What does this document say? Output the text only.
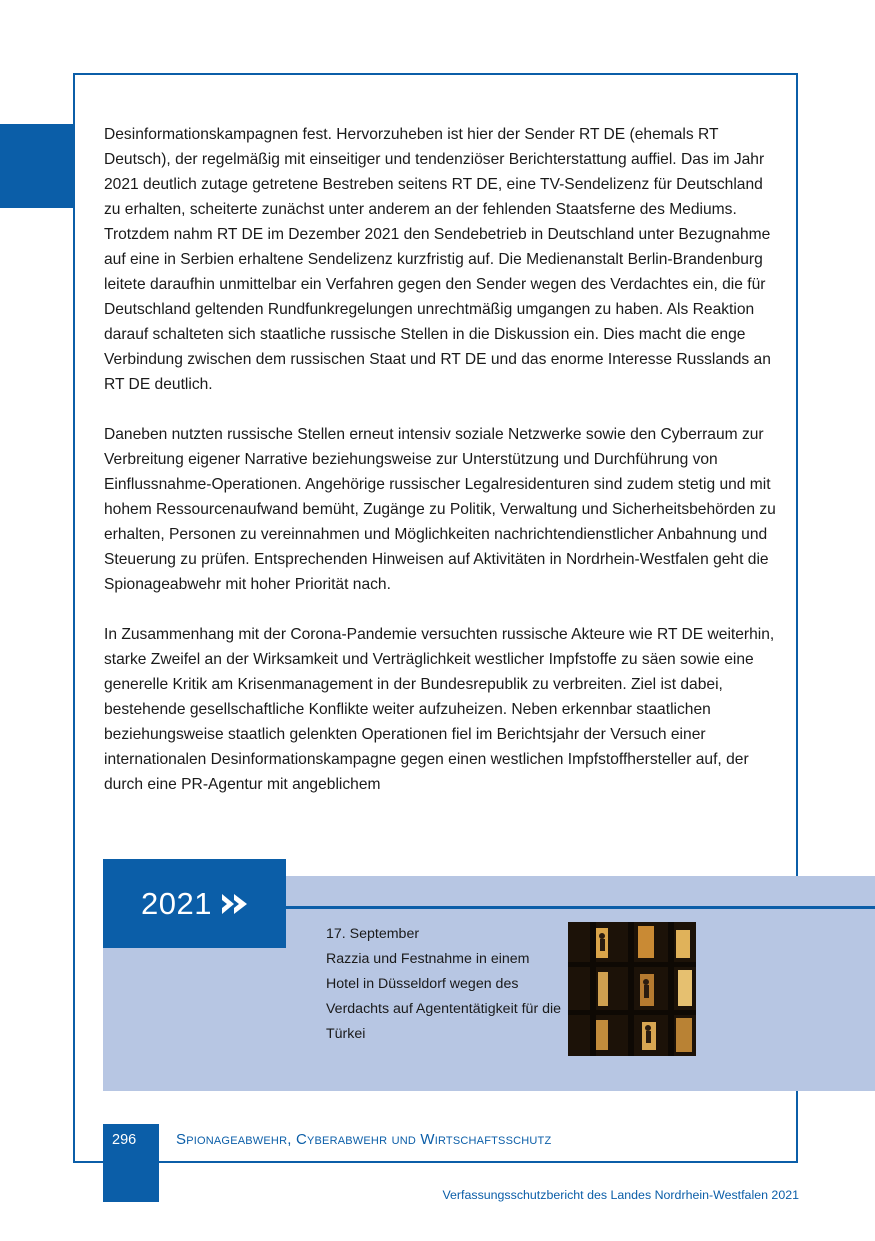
Desinformationskampagnen fest. Hervorzuheben ist hier der Sender RT DE (ehemals RT Deutsch), der regelmäßig mit einseitiger und tendenziöser Berichterstattung auffiel. Das im Jahr 2021 deutlich zutage getretene Bestreben seitens RT DE, eine TV-Sendelizenz für Deutschland zu erhalten, scheiterte zunächst unter anderem an der fehlenden Staatsferne des Mediums. Trotzdem nahm RT DE im Dezember 2021 den Sendebetrieb in Deutschland unter Bezugnahme auf eine in Serbien erhaltene Sendelizenz kurzfristig auf. Die Medienanstalt Berlin-Brandenburg leitete daraufhin unmittelbar ein Verfahren gegen den Sender wegen des Verdachtes ein, die für Deutschland geltenden Rundfunkregelungen unrechtmäßig umgangen zu haben. Als Reaktion darauf schalteten sich staatliche russische Stellen in die Diskussion ein. Dies macht die enge Verbindung zwischen dem russischen Staat und RT DE und das enorme Interesse Russlands an RT DE deutlich.

Daneben nutzten russische Stellen erneut intensiv soziale Netzwerke sowie den Cyberraum zur Verbreitung eigener Narrative beziehungsweise zur Unterstützung und Durchführung von Einflussnahme-Operationen. Angehörige russischer Legalresidenturen sind zudem stetig und mit hohem Ressourcenaufwand bemüht, Zugänge zu Politik, Verwaltung und Sicherheitsbehörden zu erhalten, Personen zu vereinnahmen und Möglichkeiten nachrichtendienstlicher Anbahnung und Steuerung zu prüfen. Entsprechenden Hinweisen auf Aktivitäten in Nordrhein-Westfalen geht die Spionageabwehr mit hoher Priorität nach.

In Zusammenhang mit der Corona-Pandemie versuchten russische Akteure wie RT DE weiterhin, starke Zweifel an der Wirksamkeit und Verträglichkeit westlicher Impfstoffe zu säen sowie eine generelle Kritik am Krisenmanagement in der Bundesrepublik zu verbreiten. Ziel ist dabei, bestehende gesellschaftliche Konflikte weiter aufzuheizen. Neben erkennbar staatlichen beziehungsweise staatlich gelenkten Operationen fiel im Berichtsjahr der Versuch einer internationalen Desinformationskampagne gegen einen westlichen Impfstoffhersteller auf, der durch eine PR-Agentur mit angeblichem

2021
17. September
Razzia und Festnahme in einem Hotel in Düsseldorf wegen des Verdachts auf Agententätigkeit für die Türkei
296	Spionageabwehr, Cyberabwehr und Wirtschaftsschutz
Verfassungsschutzbericht des Landes Nordrhein-Westfalen 2021
